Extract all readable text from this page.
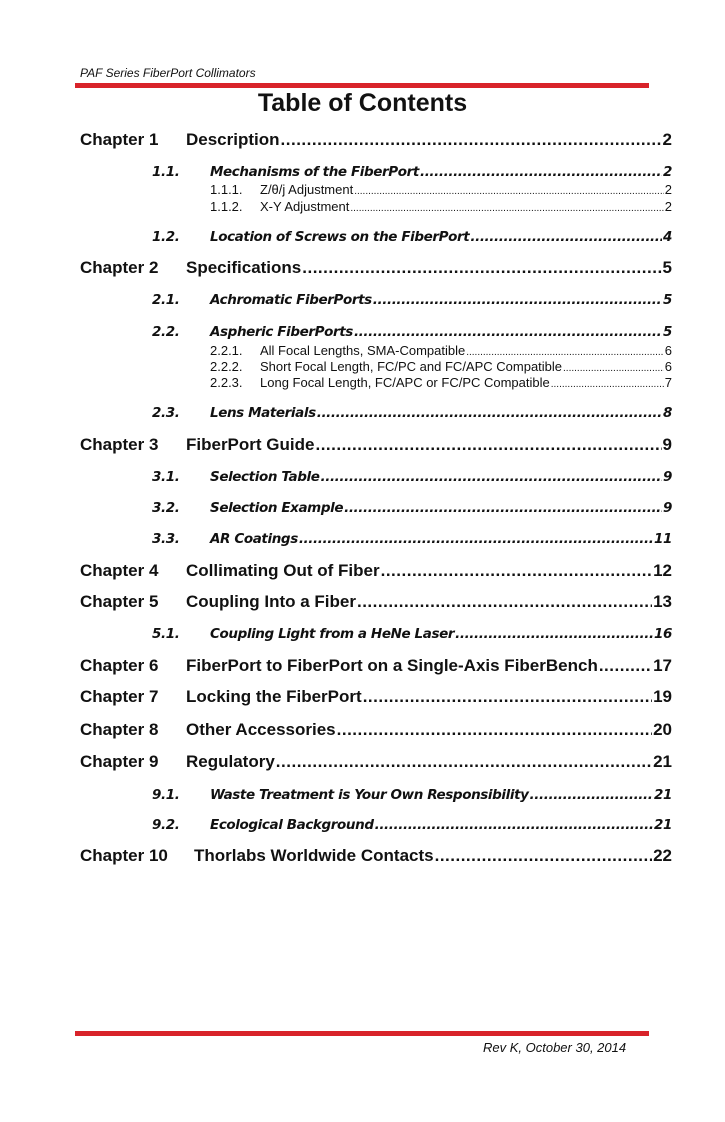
PAF Series FiberPort Collimators
Table of Contents
Chapter 1 Description .....	2
1.1. Mechanisms of the FiberPort .....	2
1.1.1. Z/θ/j Adjustment .....	2
1.1.2. X-Y Adjustment .....	2
1.2. Location of Screws on the FiberPort .....	4
Chapter 2 Specifications .....	5
2.1. Achromatic FiberPorts .....	5
2.2. Aspheric FiberPorts .....	5
2.2.1. All Focal Lengths, SMA-Compatible .....	6
2.2.2. Short Focal Length, FC/PC and FC/APC Compatible .....	6
2.2.3. Long Focal Length, FC/APC or FC/PC Compatible .....	7
2.3. Lens Materials .....	8
Chapter 3 FiberPort Guide .....	9
3.1. Selection Table .....	9
3.2. Selection Example .....	9
3.3. AR Coatings .....	11
Chapter 4 Collimating Out of Fiber .....	12
Chapter 5 Coupling Into a Fiber .....	13
5.1. Coupling Light from a HeNe Laser .....	16
Chapter 6 FiberPort to FiberPort on a Single-Axis FiberBench .....	17
Chapter 7 Locking the FiberPort .....	19
Chapter 8 Other Accessories .....	20
Chapter 9 Regulatory .....	21
9.1. Waste Treatment is Your Own Responsibility .....	21
9.2. Ecological Background .....	21
Chapter 10 Thorlabs Worldwide Contacts .....	22
Rev K, October 30, 2014
